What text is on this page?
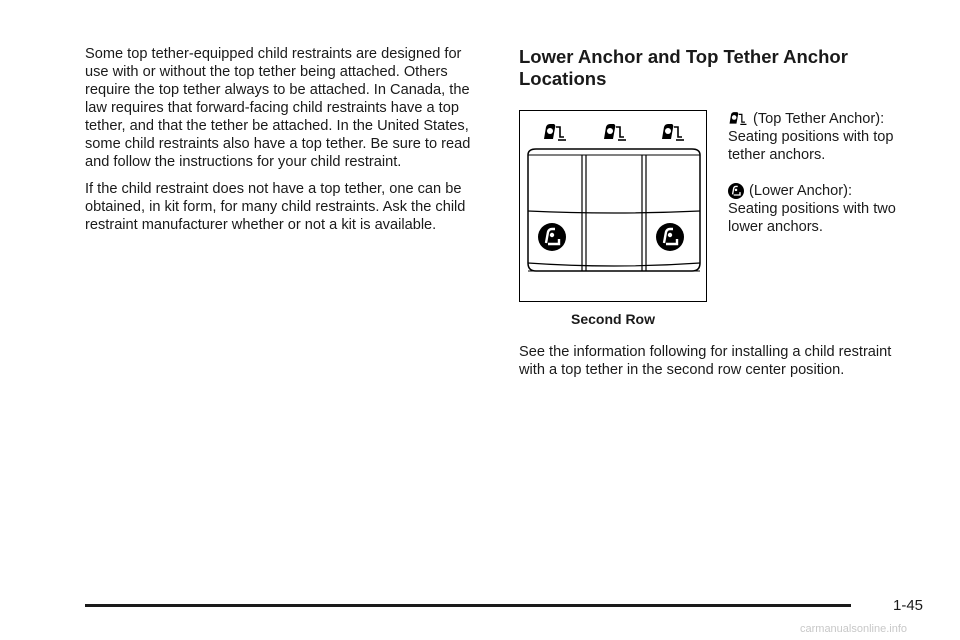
Some top tether-equipped child restraints are designed for use with or without the top tether being attached. Others require the top tether always to be attached. In Canada, the law requires that forward-facing child restraints have a top tether, and that the tether be attached. In the United States, some child restraints also have a top tether. Be sure to read and follow the instructions for your child restraint.

If the child restraint does not have a top tether, one can be obtained, in kit form, for many child restraints. Ask the child restraint manufacturer whether or not a kit is available.

Lower Anchor and Top Tether Anchor Locations
Second Row
(Top Tether Anchor):
Seating positions with top tether anchors.
(Lower Anchor):
Seating positions with two lower anchors.

See the information following for installing a child restraint with a top tether in the second row center position.

1-45
carmanualsonline.info
